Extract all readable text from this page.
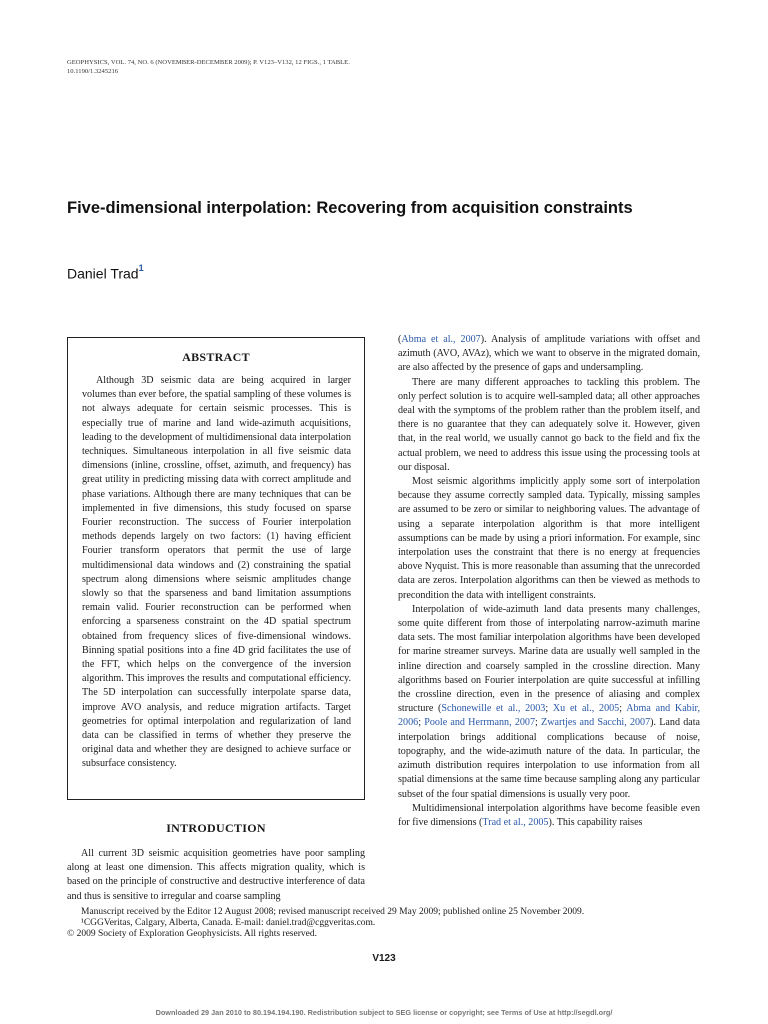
GEOPHYSICS, VOL. 74, NO. 6 (NOVEMBER-DECEMBER 2009); P. V123–V132, 12 FIGS., 1 TABLE.
10.1190/1.3245216
Five-dimensional interpolation: Recovering from acquisition constraints
Daniel Trad$^1$
ABSTRACT

Although 3D seismic data are being acquired in larger volumes than ever before, the spatial sampling of these volumes is not always adequate for certain seismic processes. This is especially true of marine and land wide-azimuth acquisitions, leading to the development of multidimensional data interpolation techniques. Simultaneous interpolation in all five seismic data dimensions (inline, crossline, offset, azimuth, and frequency) has great utility in predicting missing data with correct amplitude and phase variations. Although there are many techniques that can be implemented in five dimensions, this study focused on sparse Fourier reconstruction. The success of Fourier interpolation methods depends largely on two factors: (1) having efficient Fourier transform operators that permit the use of large multidimensional data windows and (2) constraining the spatial spectrum along dimensions where seismic amplitudes change slowly so that the sparseness and band limitation assumptions remain valid. Fourier reconstruction can be performed when enforcing a sparseness constraint on the 4D spatial spectrum obtained from frequency slices of five-dimensional windows. Binning spatial positions into a fine 4D grid facilitates the use of the FFT, which helps on the convergence of the inversion algorithm. This improves the results and computational efficiency. The 5D interpolation can successfully interpolate sparse data, improve AVO analysis, and reduce migration artifacts. Target geometries for optimal interpolation and regularization of land data can be classified in terms of whether they preserve the original data and whether they are designed to achieve surface or subsurface consistency.

INTRODUCTION

All current 3D seismic acquisition geometries have poor sampling along at least one dimension. This affects migration quality, which is based on the principle of constructive and destructive interference of data and thus is sensitive to irregular and coarse sampling

(Abma et al., 2007). Analysis of amplitude variations with offset and azimuth (AVO, AVAz), which we want to observe in the migrated domain, are also affected by the presence of gaps and undersampling.

There are many different approaches to tackling this problem. The only perfect solution is to acquire well-sampled data; all other approaches deal with the symptoms of the problem rather than the problem itself, and there is no guarantee that they can adequately solve it. However, given that, in the real world, we usually cannot go back to the field and fix the actual problem, we need to address this issue using the processing tools at our disposal.

Most seismic algorithms implicitly apply some sort of interpolation because they assume correctly sampled data. Typically, missing samples are assumed to be zero or similar to neighboring values. The advantage of using a separate interpolation algorithm is that more intelligent assumptions can be made by using a priori information. For example, sinc interpolation uses the constraint that there is no energy at frequencies above Nyquist. This is more reasonable than assuming that the unrecorded data are zeros. Interpolation algorithms can then be viewed as methods to precondition the data with intelligent constraints.

Interpolation of wide-azimuth land data presents many challenges, some quite different from those of interpolating narrow-azimuth marine data sets. The most familiar interpolation algorithms have been developed for marine streamer surveys. Marine data are usually well sampled in the inline direction and coarsely sampled in the crossline direction. Many algorithms based on Fourier interpolation are quite successful at infilling the crossline direction, even in the presence of aliasing and complex structure (Schonewille et al., 2003; Xu et al., 2005; Abma and Kabir, 2006; Poole and Herrmann, 2007; Zwartjes and Sacchi, 2007). Land data interpolation brings additional complications because of noise, topography, and the wide-azimuth nature of the data. In particular, the azimuth distribution requires interpolation to use information from all spatial dimensions at the same time because sampling along any particular subset of the four spatial dimensions is usually very poor.

Multidimensional interpolation algorithms have become feasible even for five dimensions (Trad et al., 2005). This capability raises

Manuscript received by the Editor 12 August 2008; revised manuscript received 29 May 2009; published online 25 November 2009.
¹CGGVeritas, Calgary, Alberta, Canada. E-mail: daniel.trad@cggveritas.com.
© 2009 Society of Exploration Geophysicists. All rights reserved.
V123
Downloaded 29 Jan 2010 to 80.194.194.190. Redistribution subject to SEG license or copyright; see Terms of Use at http://segdl.org/
